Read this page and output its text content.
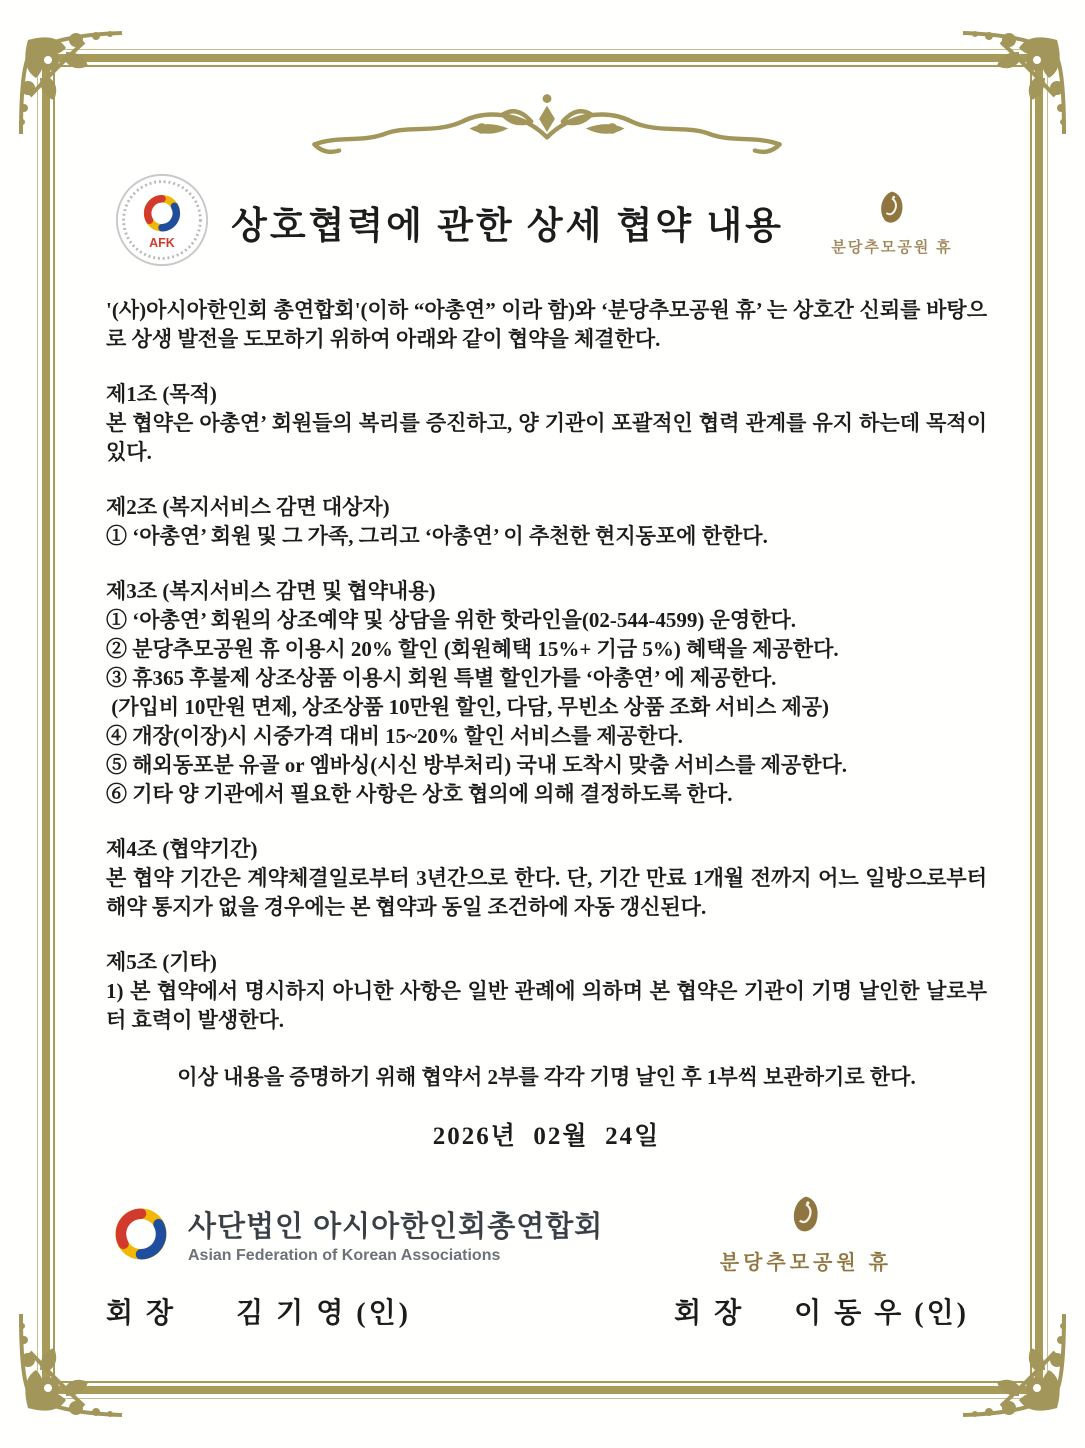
AFK	상호협력에 관한 상세 협약 내용
분당추모공원 휴

'(사)아시아한인회 총연합회'(이하 “아총연” 이라 함)와 ‘분당추모공원 휴’ 는 상호간 신뢰를 바탕으로 상생 발전을 도모하기 위하여 아래와 같이 협약을 체결한다.

제1조 (목적)

본 협약은 아총연’ 회원들의 복리를 증진하고, 양 기관이 포괄적인 협력 관계를 유지 하는데 목적이 있다.

제2조 (복지서비스 감면 대상자)

① ‘아총연’ 회원 및 그 가족, 그리고 ‘아총연’ 이 추천한 현지동포에 한한다.

제3조 (복지서비스 감면 및 협약내용)

① ‘아총연’ 회원의 상조예약 및 상담을 위한 핫라인을(02-544-4599) 운영한다.

② 분당추모공원 휴 이용시 20% 할인 (회원혜택 15%+ 기금 5%) 혜택을 제공한다.

③ 휴365 후불제 상조상품 이용시 회원 특별 할인가를 ‘아총연’ 에 제공한다.

(가입비 10만원 면제, 상조상품 10만원 할인, 다담, 무빈소 상품 조화 서비스 제공)

④ 개장(이장)시 시중가격 대비 15~20% 할인 서비스를 제공한다.

⑤ 해외동포분 유골 or 엠바싱(시신 방부처리) 국내 도착시 맞춤 서비스를 제공한다.

⑥ 기타 양 기관에서 필요한 사항은 상호 협의에 의해 결정하도록 한다.

제4조 (협약기간)

본 협약 기간은 계약체결일로부터 3년간으로 한다. 단, 기간 만료 1개월 전까지 어느 일방으로부터 해약 통지가 없을 경우에는 본 협약과 동일 조건하에 자동 갱신된다.

제5조 (기타)

1) 본 협약에서 명시하지 아니한 사항은 일반 관례에 의하며 본 협약은 기관이 기명 날인한 날로부터 효력이 발생한다.

이상 내용을 증명하기 위해 협약서 2부를 각각 기명 날인 후 1부씩 보관하기로 한다.

2026년  02월  24일

사단법인 아시아한인회총연합회
Asian Federation of Korean Associations	분당추모공원 휴
회 장      김 기 영 (인)	회 장     이 동 우 (인)
